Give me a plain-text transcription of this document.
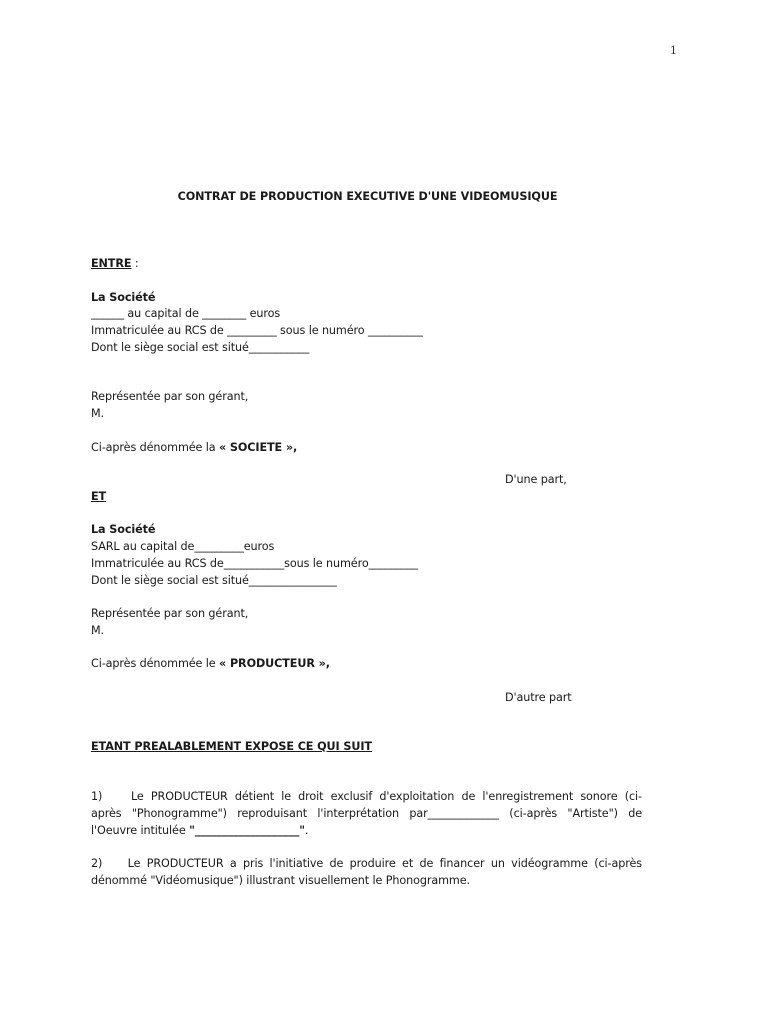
1
CONTRAT DE PRODUCTION EXECUTIVE D'UNE VIDEOMUSIQUE
ENTRE :
La Société
______ au capital de ________ euros
Immatriculée au RCS de _________ sous le numéro __________
Dont le siège social est situé___________
Représentée par son gérant,
M.
Ci-après dénommée la « SOCIETE »,
D'une part,
ET
La Société
SARL au capital de_________euros
Immatriculée au RCS de___________sous le numéro_________
Dont le siège social est situé________________
Représentée par son gérant,
M.
Ci-après dénommée le « PRODUCTEUR »,
D'autre part
ETANT PREALABLEMENT EXPOSE CE QUI SUIT
1)    Le PRODUCTEUR détient le droit exclusif d'exploitation de l'enregistrement sonore (ci-
après "Phonogramme") reproduisant l'interprétation par_____________ (ci-après "Artiste") de
l'Oeuvre intitulée "___________________".
2)    Le PRODUCTEUR a pris l'initiative de produire et de financer un vidéogramme (ci-après
dénommé "Vidéomusique") illustrant visuellement le Phonogramme.
